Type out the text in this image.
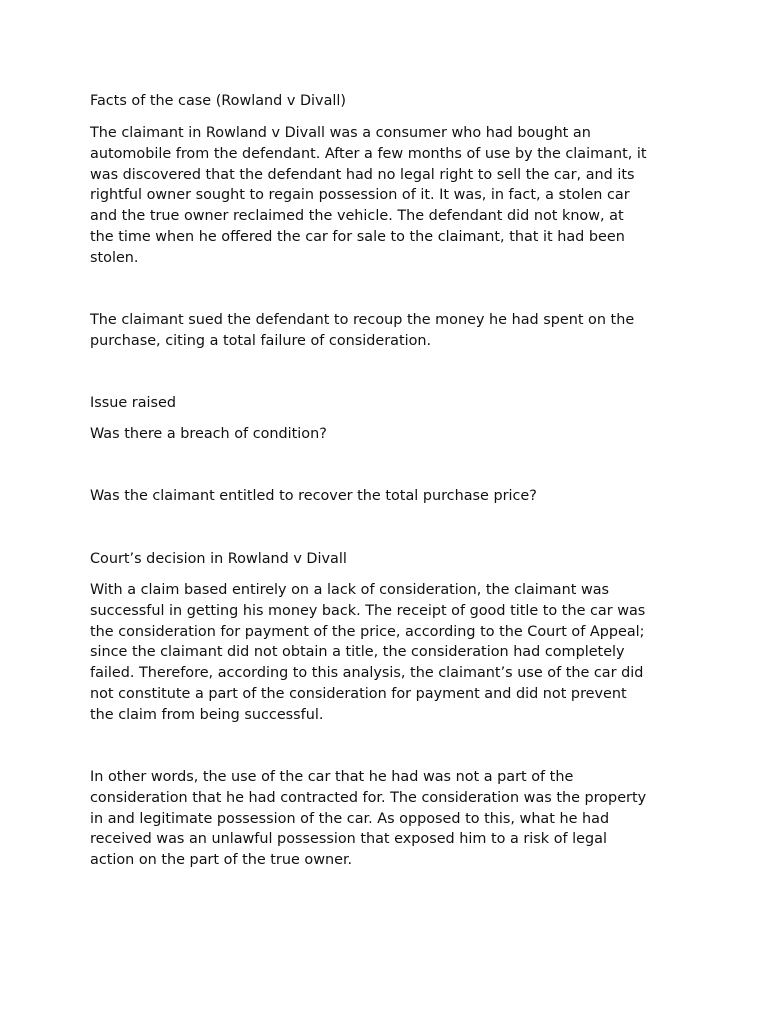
Facts of the case (Rowland v Divall)

The claimant in Rowland v Divall was a consumer who had bought an
automobile from the defendant. After a few months of use by the claimant, it
was discovered that the defendant had no legal right to sell the car, and its
rightful owner sought to regain possession of it. It was, in fact, a stolen car
and the true owner reclaimed the vehicle. The defendant did not know, at
the time when he offered the car for sale to the claimant, that it had been
stolen.

The claimant sued the defendant to recoup the money he had spent on the
purchase, citing a total failure of consideration.

Issue raised

Was there a breach of condition?

Was the claimant entitled to recover the total purchase price?

Court’s decision in Rowland v Divall

With a claim based entirely on a lack of consideration, the claimant was
successful in getting his money back. The receipt of good title to the car was
the consideration for payment of the price, according to the Court of Appeal;
since the claimant did not obtain a title, the consideration had completely
failed. Therefore, according to this analysis, the claimant’s use of the car did
not constitute a part of the consideration for payment and did not prevent
the claim from being successful.

In other words, the use of the car that he had was not a part of the
consideration that he had contracted for. The consideration was the property
in and legitimate possession of the car. As opposed to this, what he had
received was an unlawful possession that exposed him to a risk of legal
action on the part of the true owner.
